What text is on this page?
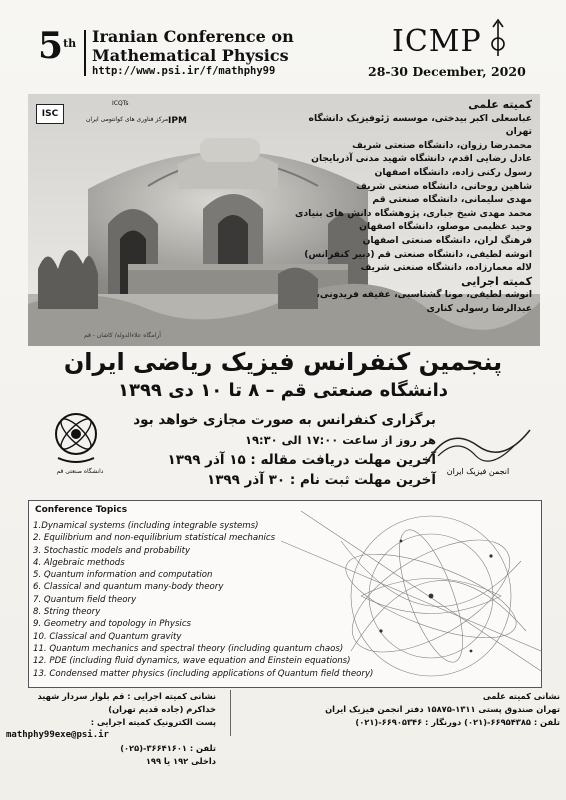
5th Iranian Conference on
Mathematical Physics
http://www.psi.ir/f/mathphy99
ICMP
28-30 December, 2020
ISC
ICQTs
مرکز فناوری های کوانتومی ایران IPM
آرامگاه علاءالدوله/ کاشان - قم
کمیته علمی
عباسعلی اکبر بیدختی، موسسه ژئوفیزیک دانشگاه تهران
محمدرضا رزوان، دانشگاه صنعتی شریف
عادل رضایی اقدم، دانشگاه شهید مدنی آذربایجان
رسول رکنی زاده، دانشگاه اصفهان
شاهین روحانی، دانشگاه صنعتی شریف
مهدی سلیمانی، دانشگاه صنعتی قم
محمد مهدی شیخ جباری، پژوهشگاه دانش های بنیادی
وحید عظیمی موصلو، دانشگاه اصفهان
فرهنگ لران، دانشگاه صنعتی اصفهان
انوشه لطیفی، دانشگاه صنعتی قم (دبیر کنفرانس)
لاله معمارزاده، دانشگاه صنعتی شریف
کمیته اجرایی
انوشه لطیفی، مونا گشتاسبی، عفیفه فریدونی، عبدالرضا رسولی کناری
پنجمین کنفرانس فیزیک ریاضی ایران
دانشگاه صنعتی قم – ۸ تا ۱۰ دی ۱۳۹۹
برگزاری کنفرانس به صورت مجازی خواهد بود
هر روز از ساعت ۱۷:۰۰ الی ۱۹:۳۰
آخرین مهلت دریافت مقاله : ۱۵ آذر ۱۳۹۹
آخرین مهلت ثبت نام : ۳۰ آذر ۱۳۹۹
دانشگاه صنعتی قم	انجمن فیزیک ایران
Conference Topics
1.Dynamical systems (including integrable systems)
2. Equilibrium and non-equilibrium statistical mechanics
3. Stochastic models and probability
4. Algebraic methods
5. Quantum information and computation
6. Classical and quantum many-body theory
7. Quantum field theory
8. String theory
9. Geometry and topology in Physics
10. Classical and Quantum gravity
11. Quantum mechanics and spectral theory (including quantum chaos)
12. PDE (including fluid dynamics, wave equation and Einstein equations)
13. Condensed matter physics (including applications of Quantum field theory)
نشانی کمیته اجرایی : قم بلوار سردار شهید خداکرم (جاده قدیم تهران)
پست الکترونیک کمیته اجرایی :
mathphy99exe@psi.ir
تلفن : ۳۶۶۴۱۶۰۱-(۰۲۵)
داخلی ۱۹۲ یا ۱۹۹
نشانی کمیته علمی
تهران صندوق پستی ۱۳۱۱-۱۵۸۷۵ دفتر انجمن فیزیک ایران
تلفن : ۶۶۹۵۴۳۸۵-(۰۲۱) دورنگار : ۶۶۹۰۵۳۴۶-(۰۲۱)
